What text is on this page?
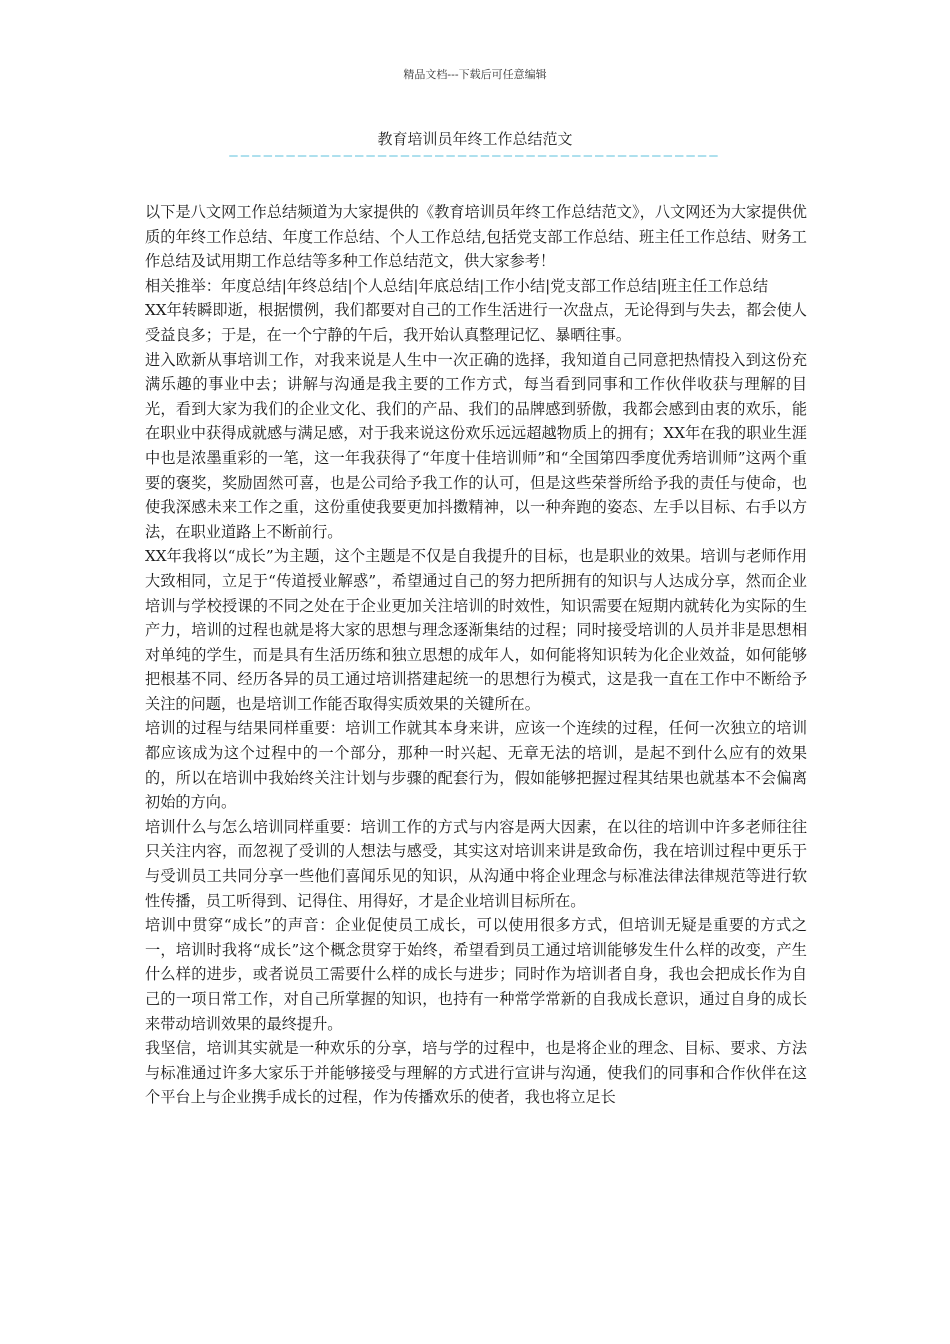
精品文档---下载后可任意编辑
教育培训员年终工作总结范文
———————————————————————————————————————————

以下是八文网工作总结频道为大家提供的《教育培训员年终工作总结范文》，八文网还为大家提供优质的年终工作总结、年度工作总结、个人工作总结,包括党支部工作总结、班主任工作总结、财务工作总结及试用期工作总结等多种工作总结范文，供大家参考！

相关推举：年度总结|年终总结|个人总结|年底总结|工作小结|党支部工作总结|班主任工作总结

XX年转瞬即逝，根据惯例，我们都要对自己的工作生活进行一次盘点，无论得到与失去，都会使人受益良多；于是，在一个宁静的午后，我开始认真整理记忆、暴晒往事。

进入欧新从事培训工作，对我来说是人生中一次正确的选择，我知道自己同意把热情投入到这份充满乐趣的事业中去；讲解与沟通是我主要的工作方式，每当看到同事和工作伙伴收获与理解的目光，看到大家为我们的企业文化、我们的产品、我们的品牌感到骄傲，我都会感到由衷的欢乐，能在职业中获得成就感与满足感，对于我来说这份欢乐远远超越物质上的拥有；XX年在我的职业生涯中也是浓墨重彩的一笔，这一年我获得了“年度十佳培训师”和“全国第四季度优秀培训师”这两个重要的褒奖，奖励固然可喜，也是公司给予我工作的认可，但是这些荣誉所给予我的责任与使命，也使我深感未来工作之重，这份重使我要更加抖擞精神，以一种奔跑的姿态、左手以目标、右手以方法，在职业道路上不断前行。

XX年我将以“成长”为主题，这个主题是不仅是自我提升的目标，也是职业的效果。培训与老师作用大致相同，立足于“传道授业解惑”，希望通过自己的努力把所拥有的知识与人达成分享，然而企业培训与学校授课的不同之处在于企业更加关注培训的时效性，知识需要在短期内就转化为实际的生产力，培训的过程也就是将大家的思想与理念逐渐集结的过程；同时接受培训的人员并非是思想相对单纯的学生，而是具有生活历练和独立思想的成年人，如何能将知识转为化企业效益，如何能够把根基不同、经历各异的员工通过培训搭建起统一的思想行为模式，这是我一直在工作中不断给予关注的问题，也是培训工作能否取得实质效果的关键所在。

培训的过程与结果同样重要：培训工作就其本身来讲，应该一个连续的过程，任何一次独立的培训都应该成为这个过程中的一个部分，那种一时兴起、无章无法的培训，是起不到什么应有的效果的，所以在培训中我始终关注计划与步骤的配套行为，假如能够把握过程其结果也就基本不会偏离初始的方向。

培训什么与怎么培训同样重要：培训工作的方式与内容是两大因素，在以往的培训中许多老师往往只关注内容，而忽视了受训的人想法与感受，其实这对培训来讲是致命伤，我在培训过程中更乐于与受训员工共同分享一些他们喜闻乐见的知识，从沟通中将企业理念与标准法律法律规范等进行软性传播，员工听得到、记得住、用得好，才是企业培训目标所在。

培训中贯穿“成长”的声音：企业促使员工成长，可以使用很多方式，但培训无疑是重要的方式之一，培训时我将“成长”这个概念贯穿于始终，希望看到员工通过培训能够发生什么样的改变，产生什么样的进步，或者说员工需要什么样的成长与进步；同时作为培训者自身，我也会把成长作为自己的一项日常工作，对自己所掌握的知识，也持有一种常学常新的自我成长意识，通过自身的成长来带动培训效果的最终提升。

我坚信，培训其实就是一种欢乐的分享，培与学的过程中，也是将企业的理念、目标、要求、方法与标准通过许多大家乐于并能够接受与理解的方式进行宣讲与沟通，使我们的同事和合作伙伴在这个平台上与企业携手成长的过程，作为传播欢乐的使者，我也将立足长
